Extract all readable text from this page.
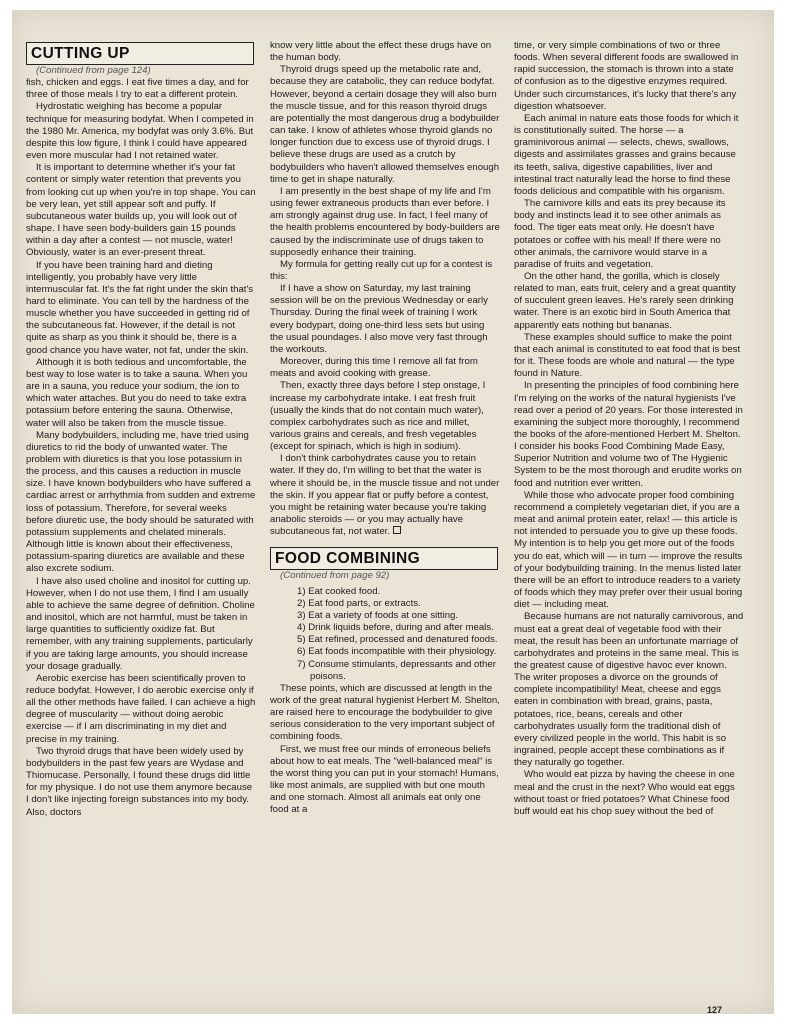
CUTTING UP

(Continued from page 124)

fish, chicken and eggs. I eat five times a day, and for three of those meals I try to eat a different protein.

Hydrostatic weighing has become a popular technique for measuring bodyfat. When I competed in the 1980 Mr. America, my bodyfat was only 3.6%. But despite this low figure, I think I could have appeared even more muscular had I not retained water.

It is important to determine whether it's your fat content or simply water retention that prevents you from looking cut up when you're in top shape. You can be very lean, yet still appear soft and puffy. If subcutaneous water builds up, you will look out of shape. I have seen body-builders gain 15 pounds within a day after a contest — not muscle, water! Obviously, water is an ever-present threat.

If you have been training hard and dieting intelligently, you probably have very little intermuscular fat. It's the fat right under the skin that's hard to eliminate. You can tell by the hardness of the muscle whether you have succeeded in getting rid of the subcutaneous fat. However, if the detail is not quite as sharp as you think it should be, there is a good chance you have water, not fat, under the skin.

Although it is both tedious and uncomfortable, the best way to lose water is to take a sauna. When you are in a sauna, you reduce your sodium, the ion to which water attaches. But you do need to take extra potassium before entering the sauna. Otherwise, water will also be taken from the muscle tissue.

Many bodybuilders, including me, have tried using diuretics to rid the body of unwanted water. The problem with diuretics is that you lose potassium in the process, and this causes a reduction in muscle size. I have known bodybuilders who have suffered a cardiac arrest or arrhythmia from sudden and extreme loss of potassium. Therefore, for several weeks before diuretic use, the body should be saturated with potassium supplements and chelated minerals. Although little is known about their effectiveness, potassium-sparing diuretics are available and these also excrete sodium.

I have also used choline and inositol for cutting up. However, when I do not use them, I find I am usually able to achieve the same degree of definition. Choline and inositol, which are not harmful, must be taken in large quantities to sufficiently oxidize fat. But remember, with any training supplements, particularly if you are taking large amounts, you should increase your dosage gradually.

Aerobic exercise has been scientifically proven to reduce bodyfat. However, I do aerobic exercise only if all the other methods have failed. I can achieve a high degree of muscularity — without doing aerobic exercise — if I am discriminating in my diet and precise in my training.

Two thyroid drugs that have been widely used by bodybuilders in the past few years are Wydase and Thiomucase. Personally, I found these drugs did little for my physique. I do not use them anymore because I don't like injecting foreign substances into my body. Also, doctors

know very little about the effect these drugs have on the human body.

Thyroid drugs speed up the metabolic rate and, because they are catabolic, they can reduce bodyfat. However, beyond a certain dosage they will also burn the muscle tissue, and for this reason thyroid drugs are potentially the most dangerous drug a bodybuilder can take. I know of athletes whose thyroid glands no longer function due to excess use of thyroid drugs. I believe these drugs are used as a crutch by bodybuilders who haven't allowed themselves enough time to get in shape naturally.

I am presently in the best shape of my life and I'm using fewer extraneous products than ever before. I am strongly against drug use. In fact, I feel many of the health problems encountered by body-builders are caused by the indiscriminate use of drugs taken to supposedly enhance their training.

My formula for getting really cut up for a contest is this:

If I have a show on Saturday, my last training session will be on the previous Wednesday or early Thursday. During the final week of training I work every bodypart, doing one-third less sets but using the usual poundages. I also move very fast through the workouts.

Moreover, during this time I remove all fat from meats and avoid cooking with grease.

Then, exactly three days before I step onstage, I increase my carbohydrate intake. I eat fresh fruit (usually the kinds that do not contain much water), complex carbohydrates such as rice and millet, various grains and cereals, and fresh vegetables (except for spinach, which is high in sodium).

I don't think carbohydrates cause you to retain water. If they do, I'm willing to bet that the water is where it should be, in the muscle tissue and not under the skin. If you appear flat or puffy before a contest, you might be retaining water because you're taking anabolic steroids — or you may actually have subcutaneous fat, not water.

FOOD COMBINING

(Continued from page 92)

1) Eat cooked food.
2) Eat food parts, or extracts.
3) Eat a variety of foods at one sitting.
4) Drink liquids before, during and after meals.
5) Eat refined, processed and denatured foods.
6) Eat foods incompatible with their physiology.
7) Consume stimulants, depressants and other poisons.

These points, which are discussed at length in the work of the great natural hygienist Herbert M. Shelton, are raised here to encourage the bodybuilder to give serious consideration to the very important subject of combining foods.

First, we must free our minds of erroneous beliefs about how to eat meals. The "well-balanced meal" is the worst thing you can put in your stomach! Humans, like most animals, are supplied with but one mouth and one stomach. Almost all animals eat only one food at a

time, or very simple combinations of two or three foods. When several different foods are swallowed in rapid succession, the stomach is thrown into a state of confusion as to the digestive enzymes required. Under such circumstances, it's lucky that there's any digestion whatsoever.

Each animal in nature eats those foods for which it is constitutionally suited. The horse — a graminivorous animal — selects, chews, swallows, digests and assimilates grasses and grains because its teeth, saliva, digestive capabilities, liver and intestinal tract naturally lead the horse to find these foods delicious and compatible with his organism.

The carnivore kills and eats its prey because its body and instincts lead it to see other animals as food. The tiger eats meat only. He doesn't have potatoes or coffee with his meal! If there were no other animals, the carnivore would starve in a paradise of fruits and vegetation.

On the other hand, the gorilla, which is closely related to man, eats fruit, celery and a great quantity of succulent green leaves. He's rarely seen drinking water. There is an exotic bird in South America that apparently eats nothing but bananas.

These examples should suffice to make the point that each animal is constituted to eat food that is best for it. These foods are whole and natural — the type found in Nature.

In presenting the principles of food combining here I'm relying on the works of the natural hygienists I've read over a period of 20 years. For those interested in examining the subject more thoroughly, I recommend the books of the afore-mentioned Herbert M. Shelton. I consider his books Food Combining Made Easy, Superior Nutrition and volume two of The Hygienic System to be the most thorough and erudite works on food and nutrition ever written.

While those who advocate proper food combining recommend a completely vegetarian diet, if you are a meat and animal protein eater, relax! — this article is not intended to persuade you to give up these foods. My intention is to help you get more out of the foods you do eat, which will — in turn — improve the results of your bodybuilding training. In the menus listed later there will be an effort to introduce readers to a variety of foods which they may prefer over their usual boring diet — including meat.

Because humans are not naturally carnivorous, and must eat a great deal of vegetable food with their meat, the result has been an unfortunate marriage of carbohydrates and proteins in the same meal. This is the greatest cause of digestive havoc ever known. The writer proposes a divorce on the grounds of complete incompatibility! Meat, cheese and eggs eaten in combination with bread, grains, pasta, potatoes, rice, beans, cereals and other carbohydrates usually form the traditional dish of every civilized people in the world. This habit is so ingrained, people accept these combinations as if they naturally go together.

Who would eat pizza by having the cheese in one meal and the crust in the next? Who would eat eggs without toast or fried potatoes? What Chinese food buff would eat his chop suey without the bed of

127
